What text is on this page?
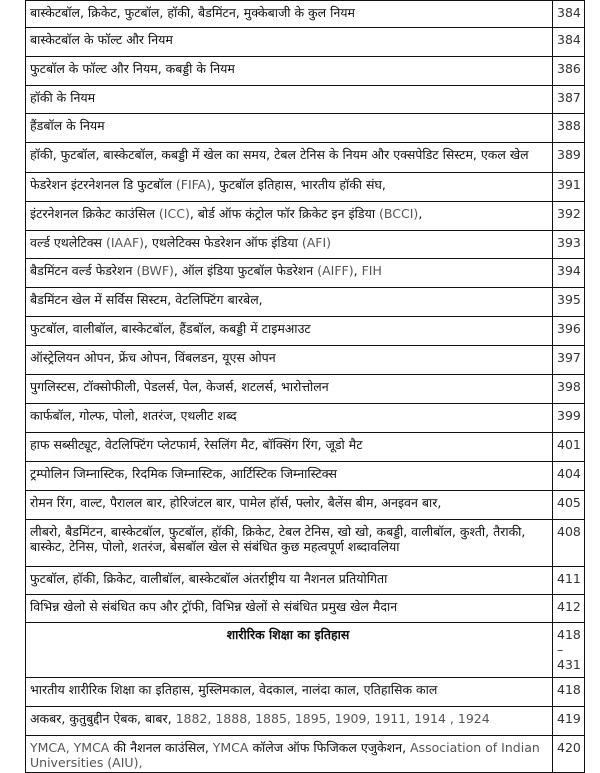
बास्केटबॉल, क्रिकेट, फुटबॉल, हॉकी, बैडमिंटन, मुक्केबाजी के कुल नियम	384
बास्केटबॉल के फॉल्ट और नियम	384
फुटबॉल के फॉल्ट और नियम, कबड्डी के नियम	386
हॉकी के नियम	387
हैंडबॉल के नियम	388
हॉकी, फुटबॉल, बास्केटबॉल, कबड्डी में खेल का समय, टेबल टेनिस के नियम और एक्सपेडिट सिस्टम, एकल खेल	389
फेडरेशन इंटरनेशनल डि फुटबॉल (FIFA), फुटबॉल इतिहास, भारतीय हॉकी संघ,	391
इंटरनेशनल क्रिकेट काउंसिल (ICC), बोर्ड ऑफ कंट्रोल फॉर क्रिकेट इन इंडिया (BCCI),	392
वर्ल्ड एथलेटिक्स (IAAF), एथलेटिक्स फेडरेशन ऑफ इंडिया (AFI)	393
बैडमिंटन वर्ल्ड फेडरेशन (BWF), ऑल इंडिया फुटबॉल फेडरेशन (AIFF), FIH	394
बैडमिंटन खेल में सर्विस सिस्टम, वेटलिफ्टिंग बारबेल,	395
फुटबॉल, वालीबॉल, बास्केटबॉल, हैंडबॉल, कबड्डी में टाइमआउट	396
ऑस्ट्रेलियन ओपन, फ्रेंच ओपन, विंबलडन, यूएस ओपन	397
पुगलिस्टस, टॉक्सोफीली, पेडलर्स, पेल, केजर्स, शटलर्स, भारोत्तोलन	398
कार्फबॉल, गोल्फ, पोलो, शतरंज, एथलीट शब्द	399
हाफ सब्सीट्यूट, वेटलिफ्टिंग प्लेटफार्म, रेसलिंग मैट, बॉक्सिंग रिंग, जूडो मैट	401
ट्रम्पोलिन जिम्नास्टिक, रिदमिक जिम्नास्टिक, आर्टिस्टिक जिम्नास्टिक्स	404
रोमन रिंग, वाल्ट, पैरालल बार, होरिजंटल बार, पामेल हॉर्स, फ्लोर, बैलेंस बीम, अनइवन बार,	405
लीबरो, बैडमिंटन, बास्केटबॉल, फुटबॉल, हॉकी, क्रिकेट, टेबल टेनिस, खो खो, कबड्डी, वालीबॉल, कुश्ती, तैराकी, बास्केट, टेनिस, पोलो, शतरंज, बेसबॉल खेल से संबंधित कुछ महत्वपूर्ण शब्दावलिया	408
फुटबॉल, हॉकी, क्रिकेट, वालीबॉल, बास्केटबॉल अंतर्राष्ट्रीय या नैशनल प्रतियोगिता	411
विभिन्न खेलो से संबंधित कप और ट्रॉफी, विभिन्न खेलों से संबंधित प्रमुख खेल मैदान	412
शारीरिक शिक्षा का इतिहास	418 – 431
भारतीय शारीरिक शिक्षा का इतिहास, मुस्लिमकाल, वेदकाल, नालंदा काल, एतिहासिक काल	418
अकबर, कुतुबुद्दीन ऐबक, बाबर, 1882, 1888, 1885, 1895, 1909, 1911, 1914 , 1924	419
YMCA, YMCA की नैशनल काउंसिल, YMCA कॉलेज ऑफ फिजिकल एजुकेशन, Association of Indian Universities (AIU),	420
